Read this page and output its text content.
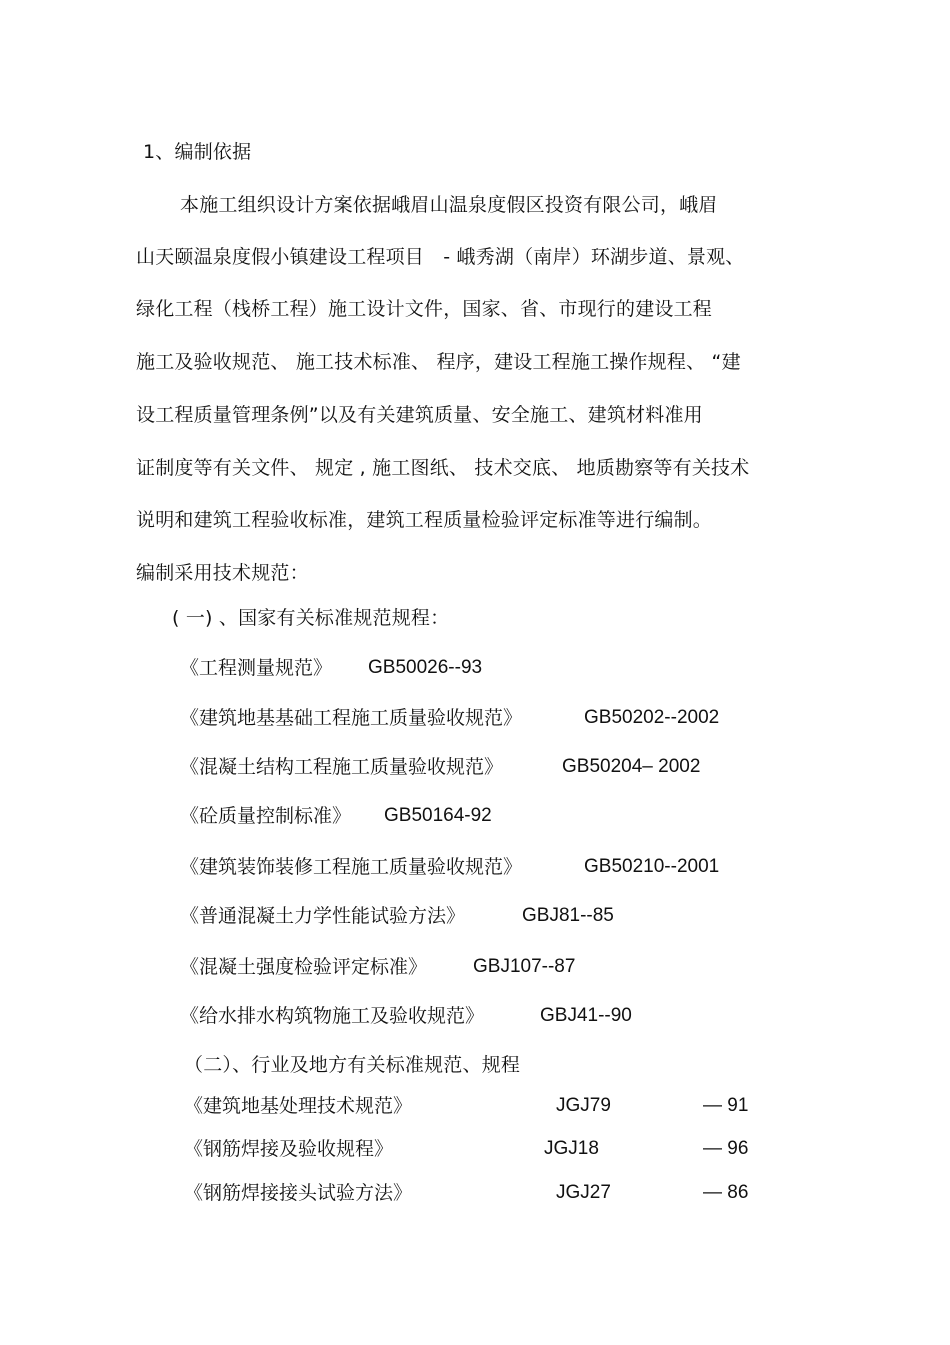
1、编制依据
本施工组织设计方案依据峨眉山温泉度假区投资有限公司，峨眉
山天颐温泉度假小镇建设工程项目　- 峨秀湖（南岸）环湖步道、景观、
绿化工程（栈桥工程）施工设计文件，国家、省、市现行的建设工程
施工及验收规范、 施工技术标准、 程序，建设工程施工操作规程、 “建
设工程质量管理条例”以及有关建筑质量、安全施工、建筑材料准用
证制度等有关文件、 规定 , 施工图纸、 技术交底、 地质勘察等有关技术
说明和建筑工程验收标准，建筑工程质量检验评定标准等进行编制。
编制采用技术规范：
( 一) 、国家有关标准规范规程：
《工程测量规范》 GB50026--93
《建筑地基基础工程施工质量验收规范》	GB50202--2002
《混凝土结构工程施工质量验收规范》	GB50204– 2002
《砼质量控制标准》 GB50164-92
《建筑装饰装修工程施工质量验收规范》	GB50210--2001
《普通混凝土力学性能试验方法》	GBJ81--85
《混凝土强度检验评定标准》 GBJ107--87
《给水排水构筑物施工及验收规范》	GBJ41--90
（二）、行业及地方有关标准规范、规程
《建筑地基处理技术规范》	JGJ79	— 91
《钢筋焊接及验收规程》	JGJ18	— 96
《钢筋焊接接头试验方法》	JGJ27	— 86
